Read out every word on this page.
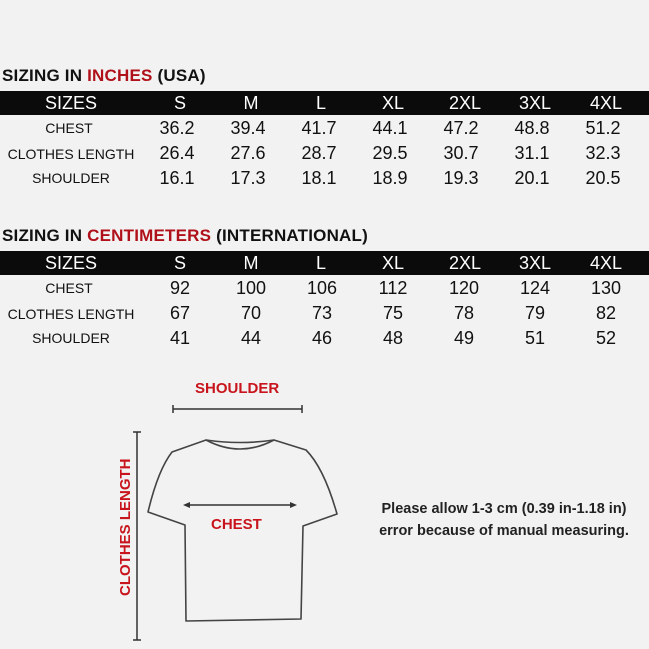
SIZING IN INCHES (USA)
SIZES	S	M	L	XL	2XL	3XL	4XL
CHEST	36.2	39.4	41.7	44.1	47.2	48.8	51.2
CLOTHES LENGTH	26.4	27.6	28.7	29.5	30.7	31.1	32.3
SHOULDER	16.1	17.3	18.1	18.9	19.3	20.1	20.5
SIZING IN CENTIMETERS (INTERNATIONAL)
SIZES	S	M	L	XL	2XL	3XL	4XL
CHEST	92	100	106	112	120	124	130
CLOTHES LENGTH	67	70	73	75	78	79	82
SHOULDER	41	44	46	48	49	51	52
SHOULDER
CHEST
CLOTHES LENGTH	Please allow 1-3 cm (0.39 in-1.18 in)
error because of manual measuring.
